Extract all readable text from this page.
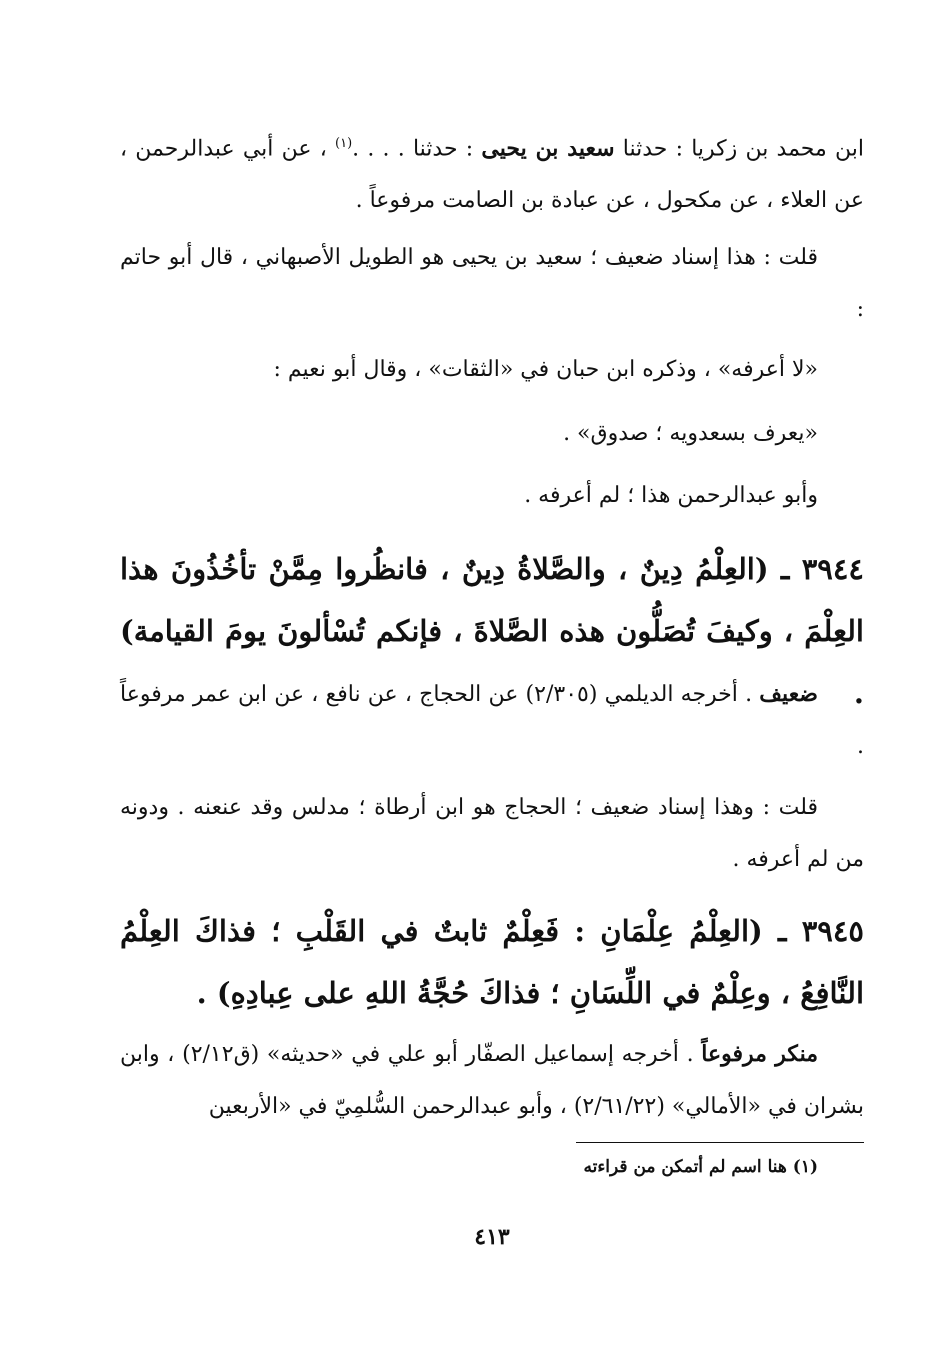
ابن محمد بن زكريا : حدثنا سعيد بن يحيى : حدثنا . . . .$^{(١)}$ ، عن أبي عبدالرحمن ، عن العلاء ، عن مكحول ، عن عبادة بن الصامت مرفوعاً .

قلت : هذا إسناد ضعيف ؛ سعيد بن يحيى هو الطويل الأصبهاني ، قال أبو حاتم :

«لا أعرفه» ، وذكره ابن حبان في «الثقات» ، وقال أبو نعيم :

«يعرف بسعدويه ؛ صدوق» .

وأبو عبدالرحمن هذا ؛ لم أعرفه .

٣٩٤٤ ـ (العِلْمُ دِينٌ ، والصَّلاةُ دِينٌ ، فانظُروا مِمَّنْ تأخُذُونَ هذا العِلْمَ ، وكيفَ تُصَلُّون هذه الصَّلاةَ ، فإنكم تُسْألونَ يومَ القيامة) .

ضعيف . أخرجه الديلمي (٢/٣٠٥) عن الحجاج ، عن نافع ، عن ابن عمر مرفوعاً .

قلت : وهذا إسناد ضعيف ؛ الحجاج هو ابن أرطاة ؛ مدلس وقد عنعنه . ودونه من لم أعرفه .

٣٩٤٥ ـ (العِلْمُ عِلْمَانِ : فَعِلْمٌ ثابتٌ في القَلْبِ ؛ فذاكَ العِلْمُ النَّافِعُ ، وعِلْمٌ في اللِّسَانِ ؛ فذاكَ حُجَّةُ اللهِ على عِبادِهِ) .

منكر مرفوعاً . أخرجه إسماعيل الصفّار أبو علي في «حديثه» (ق٢/١٢) ، وابن بشران في «الأمالي» (٢/٦١/٢٢) ، وأبو عبدالرحمن السُّلمِيّ في «الأربعين

(١) هنا اسم لم أتمكن من قراءته

٤١٣
